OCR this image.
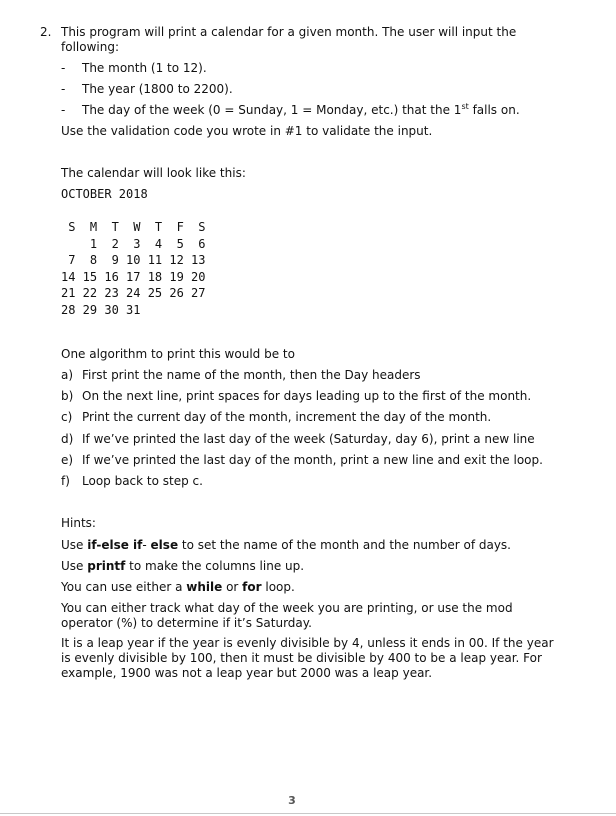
2. This program will print a calendar for a given month. The user will input the following:
- The month (1 to 12).
- The year (1800 to 2200).
- The day of the week (0 = Sunday, 1 = Monday, etc.) that the 1st falls on.
Use the validation code you wrote in #1 to validate the input.
The calendar will look like this:
OCTOBER 2018
S  M  T  W  T  F  S
1  2  3  4  5  6
7  8  9 10 11 12 13
14 15 16 17 18 19 20
21 22 23 24 25 26 27
28 29 30 31
One algorithm to print this would be to
a) First print the name of the month, then the Day headers
b) On the next line, print spaces for days leading up to the first of the month.
c) Print the current day of the month, increment the day of the month.
d) If we’ve printed the last day of the week (Saturday, day 6), print a new line
e) If we’ve printed the last day of the month, print a new line and exit the loop.
f) Loop back to step c.
Hints:
Use if-else if- else to set the name of the month and the number of days.
Use printf to make the columns line up.
You can use either a while or for loop.
You can either track what day of the week you are printing, or use the mod operator (%) to determine if it’s Saturday.
It is a leap year if the year is evenly divisible by 4, unless it ends in 00. If the year is evenly divisible by 100, then it must be divisible by 400 to be a leap year. For example, 1900 was not a leap year but 2000 was a leap year.
3
